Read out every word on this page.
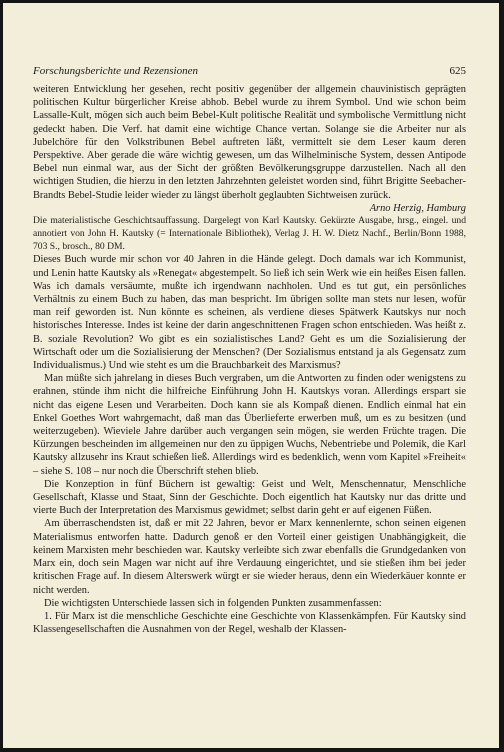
Forschungsberichte und Rezensionen	625

weiteren Entwicklung her gesehen, recht positiv gegenüber der allgemein chauvinistisch geprägten politischen Kultur bürgerlicher Kreise abhob. Bebel wurde zu ihrem Symbol. Und wie schon beim Lassalle-Kult, mögen sich auch beim Bebel-Kult politische Realität und symbolische Vermittlung nicht gedeckt haben. Die Verf. hat damit eine wichtige Chance vertan. Solange sie die Arbeiter nur als Jubelchöre für den Volkstribunen Bebel auftreten läßt, vermittelt sie dem Leser kaum deren Perspektive. Aber gerade die wäre wichtig gewesen, um das Wilhelminische System, dessen Antipode Bebel nun einmal war, aus der Sicht der größten Bevölkerungsgruppe darzustellen. Nach all den wichtigen Studien, die hierzu in den letzten Jahrzehnten geleistet worden sind, führt Brigitte Seebacher-Brandts Bebel-Studie leider wieder zu längst überholt geglaubten Sichtweisen zurück.

Arno Herzig, Hamburg

Die materialistische Geschichtsauffassung. Dargelegt von Karl Kautsky. Gekürzte Ausgabe, hrsg., eingel. und annotiert von John H. Kautsky (= Internationale Bibliothek), Verlag J. H. W. Dietz Nachf., Berlin/Bonn 1988, 703 S., brosch., 80 DM.

Dieses Buch wurde mir schon vor 40 Jahren in die Hände gelegt. Doch damals war ich Kommunist, und Lenin hatte Kautsky als »Renegat« abgestempelt. So ließ ich sein Werk wie ein heißes Eisen fallen. Was ich damals versäumte, mußte ich irgendwann nachholen. Und es tut gut, ein persönliches Verhältnis zu einem Buch zu haben, das man bespricht. Im übrigen sollte man stets nur lesen, wofür man reif geworden ist. Nun könnte es scheinen, als verdiene dieses Spätwerk Kautskys nur noch historisches Interesse. Indes ist keine der darin angeschnittenen Fragen schon entschieden. Was heißt z. B. soziale Revolution? Wo gibt es ein sozialistisches Land? Geht es um die Sozialisierung der Wirtschaft oder um die Sozialisierung der Menschen? (Der Sozialismus entstand ja als Gegensatz zum Individualismus.) Und wie steht es um die Brauchbarkeit des Marxismus?

Man müßte sich jahrelang in dieses Buch vergraben, um die Antworten zu finden oder wenigstens zu erahnen, stünde ihm nicht die hilfreiche Einführung John H. Kautskys voran. Allerdings erspart sie nicht das eigene Lesen und Verarbeiten. Doch kann sie als Kompaß dienen. Endlich einmal hat ein Enkel Goethes Wort wahrgemacht, daß man das Überlieferte erwerben muß, um es zu besitzen (und weiterzugeben). Wieviele Jahre darüber auch vergangen sein mögen, sie werden Früchte tragen. Die Kürzungen bescheinden im allgemeinen nur den zu üppigen Wuchs, Nebentriebe und Polemik, die Karl Kautsky allzusehr ins Kraut schießen ließ. Allerdings wird es bedenklich, wenn vom Kapitel »Freiheit« – siehe S. 108 – nur noch die Überschrift stehen blieb.

Die Konzeption in fünf Büchern ist gewaltig: Geist und Welt, Menschennatur, Menschliche Gesellschaft, Klasse und Staat, Sinn der Geschichte. Doch eigentlich hat Kautsky nur das dritte und vierte Buch der Interpretation des Marxismus gewidmet; selbst darin geht er auf eigenen Füßen.

Am überraschendsten ist, daß er mit 22 Jahren, bevor er Marx kennenlernte, schon seinen eigenen Materialismus entworfen hatte. Dadurch genoß er den Vorteil einer geistigen Unabhängigkeit, die keinem Marxisten mehr beschieden war. Kautsky verleibte sich zwar ebenfalls die Grundgedanken von Marx ein, doch sein Magen war nicht auf ihre Verdauung eingerichtet, und sie stießen ihm bei jeder kritischen Frage auf. In diesem Alterswerk würgt er sie wieder heraus, denn ein Wiederkäuer konnte er nicht werden.

Die wichtigsten Unterschiede lassen sich in folgenden Punkten zusammenfassen:

1. Für Marx ist die menschliche Geschichte eine Geschichte von Klassenkämpfen. Für Kautsky sind Klassengesellschaften die Ausnahmen von der Regel, weshalb der Klassen-
